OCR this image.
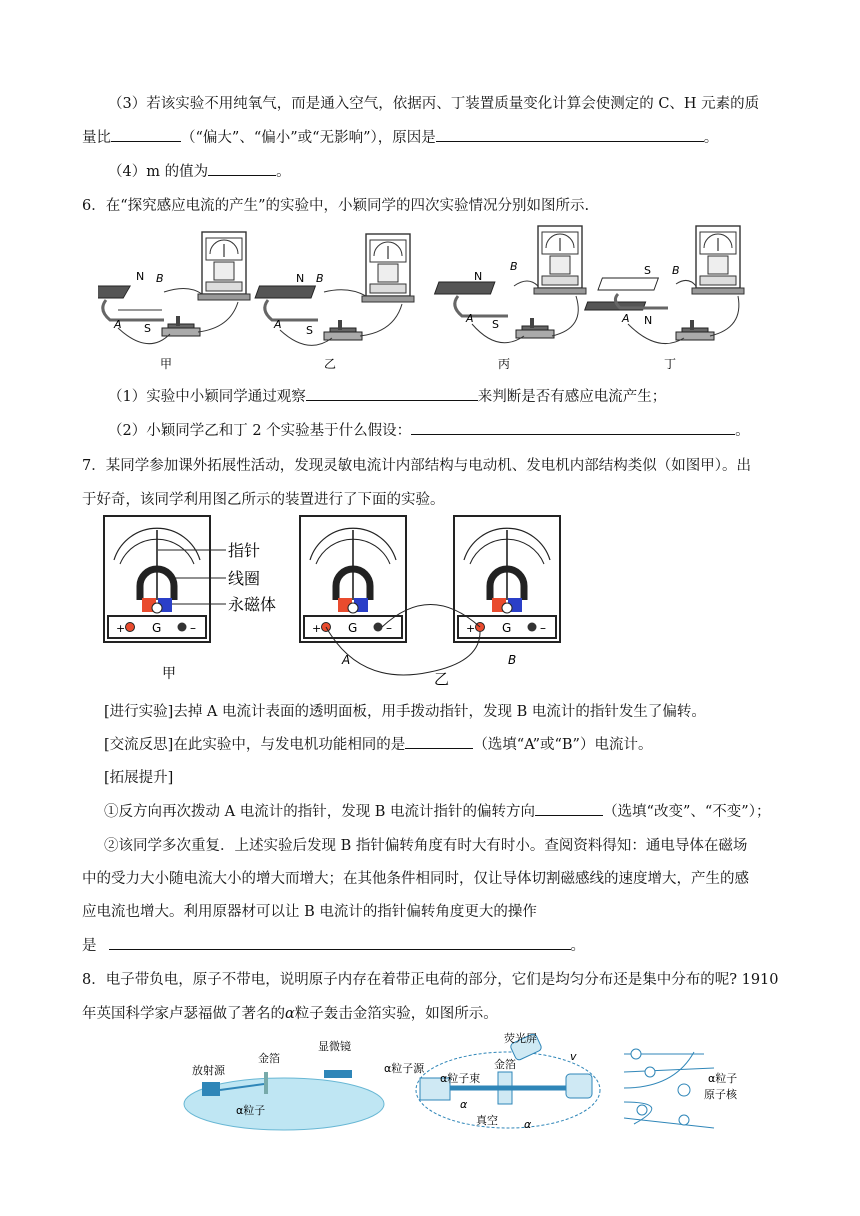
（3）若该实验不用纯氧气，而是通入空气，依据丙、丁装置质量变化计算会使测定的 C、H 元素的质
量比	（“偏大”、“偏小”或“无影响”），原因是	。
（4）m 的值为	。
6．在“探究感应电流的产生”的实验中，小颖同学的四次实验情况分别如图所示.
N
S
A
B	N
S
A
B	N
S
A
B	S
N
A
B
甲	乙	丙	丁
（1）实验中小颖同学通过观察	来判断是否有感应电流产生；
（2）小颖同学乙和丁 2 个实验基于什么假设：	。
7．某同学参加课外拓展性活动，发现灵敏电流计内部结构与电动机、发电机内部结构类似（如图甲）。出
于好奇，该同学利用图乙所示的装置进行了下面的实验。
+ G –
指针
线圈
永磁体
甲
+ G –
A
+ G –
B
乙
[进行实验]去掉 A 电流计表面的透明面板，用手拨动指针，发现 B 电流计的指针发生了偏转。
[交流反思]在此实验中，与发电机功能相同的是	（选填“A”或“B”）电流计。
[拓展提升]
①反方向再次拨动 A 电流计的指针，发现 B 电流计指针的偏转方向	（选填“改变”、“不变”）；
②该同学多次重复．上述实验后发现 B 指针偏转角度有时大有时小。查阅资料得知：通电导体在磁场
中的受力大小随电流大小的增大而增大；在其他条件相同时，仅让导体切割磁感线的速度增大，产生的感
应电流也增大。利用原器材可以让 B 电流计的指针偏转角度更大的操作
是	。
8．电子带负电，原子不带电，说明原子内存在着带正电荷的部分，它们是均匀分布还是集中分布的呢? 1910
年英国科学家卢瑟福做了著名的α粒子轰击金箔实验，如图所示。
放射源
金箔
显微镜
α粒子
荧光屏
α粒子源
α粒子束
金箔
真空
α
α
v
α粒子
原子核
